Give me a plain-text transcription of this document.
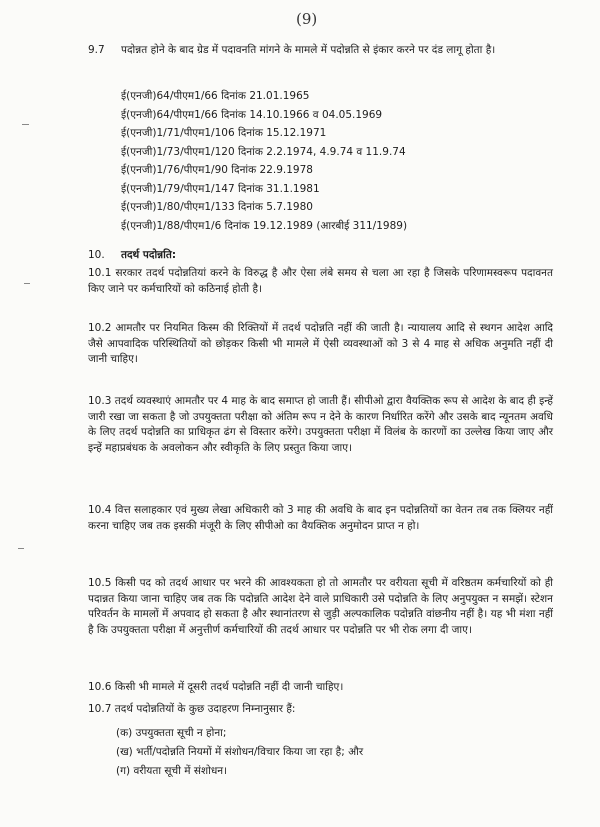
(9)
9.7 पदोन्नत होने के बाद ग्रेड में पदावनति मांगने के मामले में पदोन्नति से इंकार करने पर दंड लागू होता है।
ई(एनजी)64/पीएम1/66 दिनांक 21.01.1965
ई(एनजी)64/पीएम1/66 दिनांक 14.10.1966 व 04.05.1969
ई(एनजी)1/71/पीएम1/106 दिनांक 15.12.1971
ई(एनजी)1/73/पीएम1/120 दिनांक 2.2.1974, 4.9.74 व 11.9.74
ई(एनजी)1/76/पीएम1/90 दिनांक 22.9.1978
ई(एनजी)1/79/पीएम1/147 दिनांक 31.1.1981
ई(एनजी)1/80/पीएम1/133 दिनांक 5.7.1980
ई(एनजी)1/88/पीएम1/6 दिनांक 19.12.1989 (आरबीई 311/1989)
10. तदर्थ पदोन्नति:
10.1 सरकार तदर्थ पदोन्नतियां करने के विरुद्ध है और ऐसा लंबे समय से चला आ रहा है जिसके परिणामस्वरूप पदावनत किए जाने पर कर्मचारियों को कठिनाई होती है।
10.2 आमतौर पर नियमित किस्म की रिक्तियों में तदर्थ पदोन्नति नहीं की जाती है। न्यायालय आदि से स्थगन आदेश आदि जैसे आपवादिक परिस्थितियों को छोड़कर किसी भी मामले में ऐसी व्यवस्थाओं को 3 से 4 माह से अधिक अनुमति नहीं दी जानी चाहिए।
10.3 तदर्थ व्यवस्थाएं आमतौर पर 4 माह के बाद समाप्त हो जाती हैं। सीपीओ द्वारा वैयक्तिक रूप से आदेश के बाद ही इन्हें जारी रखा जा सकता है जो उपयुक्तता परीक्षा को अंतिम रूप न देने के कारण निर्धारित करेंगे और उसके बाद न्यूनतम अवधि के लिए तदर्थ पदोन्नति का प्राधिकृत ढंग से विस्तार करेंगे। उपयुक्तता परीक्षा में विलंब के कारणों का उल्लेख किया जाए और इन्हें महाप्रबंधक के अवलोकन और स्वीकृति के लिए प्रस्तुत किया जाए।
10.4 वित्त सलाहकार एवं मुख्य लेखा अधिकारी को 3 माह की अवधि के बाद इन पदोन्नतियों का वेतन तब तक क्लियर नहीं करना चाहिए जब तक इसकी मंजूरी के लिए सीपीओ का वैयक्तिक अनुमोदन प्राप्त न हो।
10.5 किसी पद को तदर्थ आधार पर भरने की आवश्यकता हो तो आमतौर पर वरीयता सूची में वरिष्ठतम कर्मचारियों को ही पदान्नत किया जाना चाहिए जब तक कि पदोन्नति आदेश देने वाले प्राधिकारी उसे पदोन्नति के लिए अनुपयुक्त न समझें। स्टेशन परिवर्तन के मामलों में अपवाद हो सकता है और स्थानांतरण से जुड़ी अल्पकालिक पदोन्नति वांछनीय नहीं है। यह भी मंशा नहीं है कि उपयुक्तता परीक्षा में अनुत्तीर्ण कर्मचारियों की तदर्थ आधार पर पदोन्नति पर भी रोक लगा दी जाए।
10.6 किसी भी मामले में दूसरी तदर्थ पदोन्नति नहीं दी जानी चाहिए।
10.7 तदर्थ पदोन्नतियों के कुछ उदाहरण निम्नानुसार हैं:
(क) उपयुक्तता सूची न होना;
(ख) भर्ती/पदोन्नति नियमों में संशोधन/विचार किया जा रहा है; और
(ग) वरीयता सूची में संशोधन।
